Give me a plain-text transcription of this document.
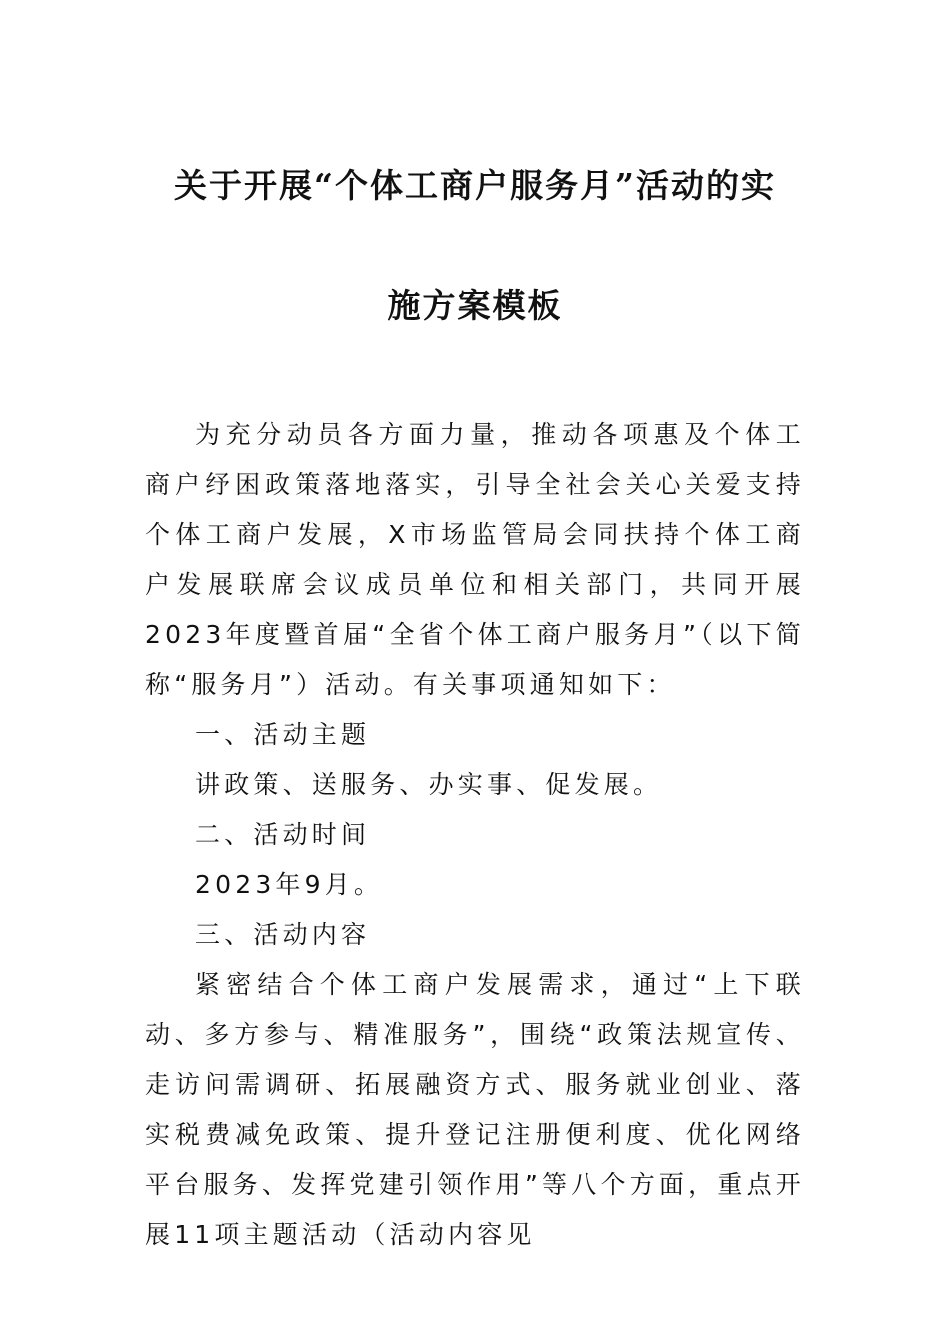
关于开展“个体工商户服务月”活动的实
施方案模板

为充分动员各方面力量，推动各项惠及个体工商户纾困政策落地落实，引导全社会关心关爱支持个体工商户发展，X市场监管局会同扶持个体工商户发展联席会议成员单位和相关部门，共同开展2023年度暨首届“全省个体工商户服务月”（以下简称“服务月”）活动。有关事项通知如下：

一、活动主题

讲政策、送服务、办实事、促发展。

二、活动时间

2023年9月。

三、活动内容

紧密结合个体工商户发展需求，通过“上下联动、多方参与、精准服务”，围绕“政策法规宣传、走访问需调研、拓展融资方式、服务就业创业、落实税费减免政策、提升登记注册便利度、优化网络平台服务、发挥党建引领作用”等八个方面，重点开展11项主题活动（活动内容见
